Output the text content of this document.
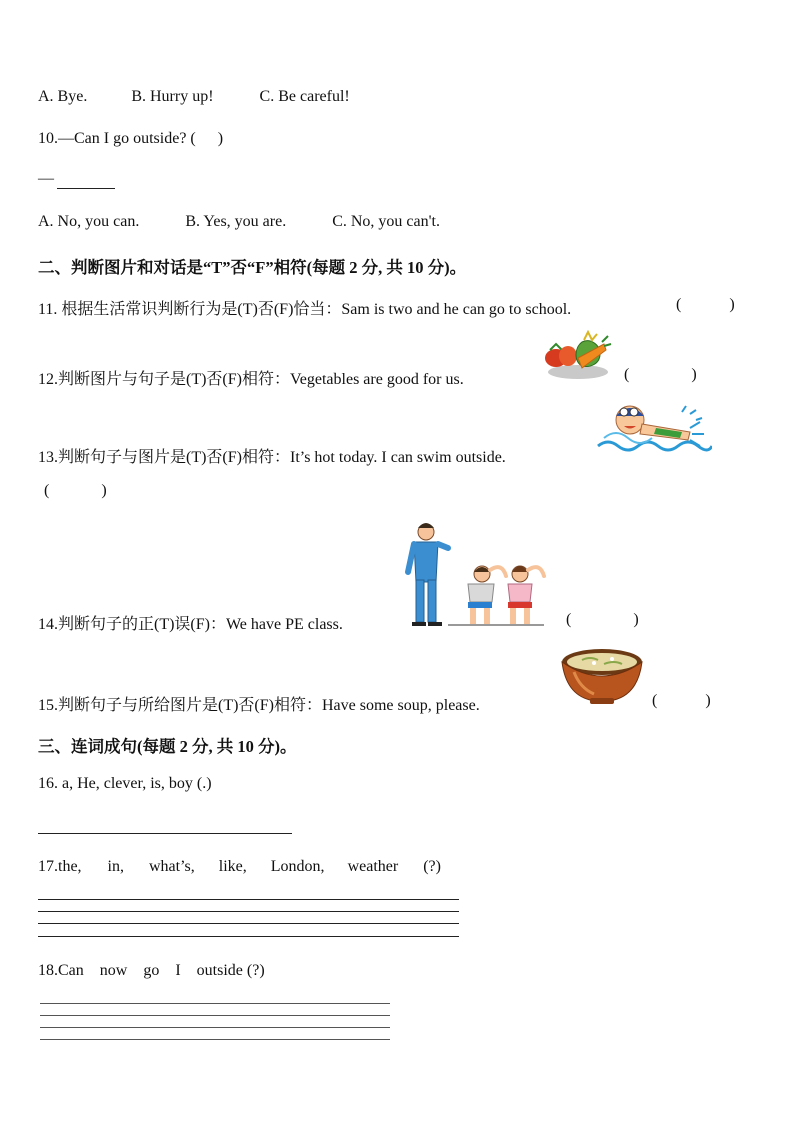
A. Bye.	B. Hurry up!	C. Be careful!
10.—Can I go outside? ( )
—
A. No, you can.	B. Yes, you are.	C. No, you can't.
二、判断图片和对话是“T”否“F”相符(每题 2 分, 共 10 分)。
11. 根据生活常识判断行为是(T)否(F)恰当：Sam is two and he can go to school.	(	)
12.判断图片与句子是(T)否(F)相符：Vegetables are good for us.	(	)
13.判断句子与图片是(T)否(F)相符：It’s hot today. I can swim outside.
(	)
14.判断句子的正(T)误(F)：We have PE class.	(	)
15.判断句子与所给图片是(T)否(F)相符：Have some soup, please.	(	)
三、连词成句(每题 2 分, 共 10 分)。
16. a, He, clever, is, boy (.)
17.the, in, what’s, like, London, weather (?)
18.Can now go I outside (?)
